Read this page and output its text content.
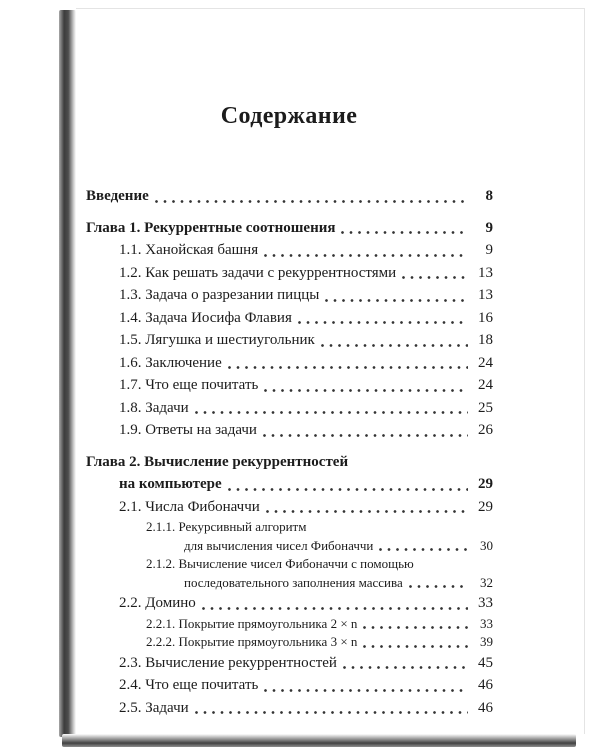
Содержание
Введение	8
Глава 1. Рекуррентные соотношения	9
1.1. Ханойская башня	9
1.2. Как решать задачи с рекуррентностями	13
1.3. Задача о разрезании пиццы	13
1.4. Задача Иосифа Флавия	16
1.5. Лягушка и шестиугольник	18
1.6. Заключение	24
1.7. Что еще почитать	24
1.8. Задачи	25
1.9. Ответы на задачи	26
Глава 2. Вычисление рекуррентностей
на компьютере	29
2.1. Числа Фибоначчи	29
2.1.1. Рекурсивный алгоритм
для вычисления чисел Фибоначчи	30
2.1.2. Вычисление чисел Фибоначчи с помощью
последовательного заполнения массива	32
2.2. Домино	33
2.2.1. Покрытие прямоугольника 2 × n	33
2.2.2. Покрытие прямоугольника 3 × n	39
2.3. Вычисление рекуррентностей	45
2.4. Что еще почитать	46
2.5. Задачи	46
